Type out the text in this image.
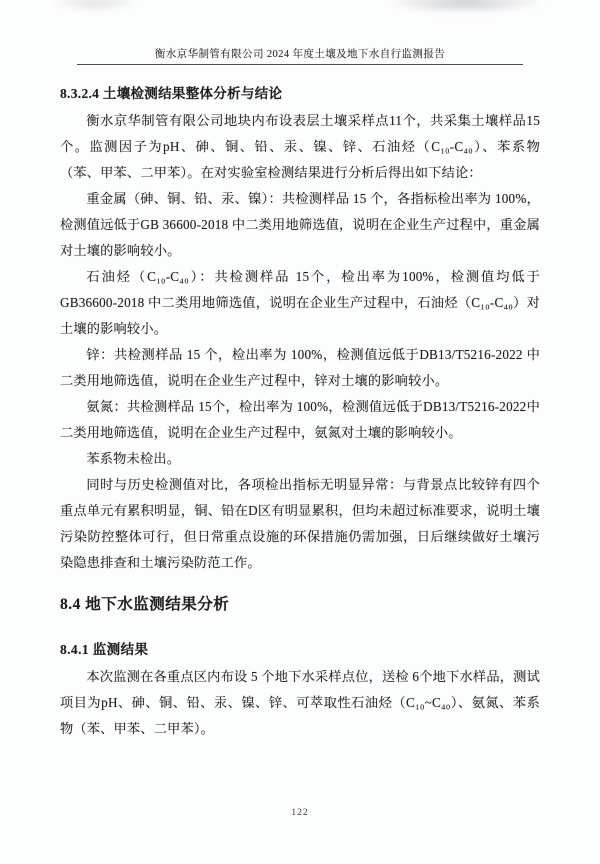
衡水京华制管有限公司 2024 年度土壤及地下水自行监测报告
8.3.2.4 土壤检测结果整体分析与结论

衡水京华制管有限公司地块内布设表层土壤采样点11个，共采集土壤样品15个。监测因子为pH、砷、铜、铅、汞、镍、锌、石油烃（C₁₀-C₄₀）、苯系物（苯、甲苯、二甲苯）。在对实验室检测结果进行分析后得出如下结论：

重金属（砷、铜、铅、汞、镍）：共检测样品 15 个，各指标检出率为 100%，检测值远低于GB 36600-2018 中二类用地筛选值，说明在企业生产过程中，重金属对土壤的影响较小。

石油烃（C₁₀-C₄₀）：共检测样品 15个，检出率为100%，检测值均低于GB36600-2018 中二类用地筛选值，说明在企业生产过程中，石油烃（C₁₀-C₄₀）对土壤的影响较小。

锌：共检测样品 15 个，检出率为 100%，检测值远低于DB13/T5216-2022 中二类用地筛选值，说明在企业生产过程中，锌对土壤的影响较小。

氨氮：共检测样品 15个，检出率为 100%，检测值远低于DB13/T5216-2022中二类用地筛选值，说明在企业生产过程中，氨氮对土壤的影响较小。

苯系物未检出。

同时与历史检测值对比，各项检出指标无明显异常：与背景点比较锌有四个重点单元有累积明显，铜、铅在D区有明显累积，但均未超过标准要求，说明土壤污染防控整体可行，但日常重点设施的环保措施仍需加强，日后继续做好土壤污染隐患排查和土壤污染防范工作。

8.4 地下水监测结果分析
8.4.1 监测结果

本次监测在各重点区内布设 5 个地下水采样点位，送检 6个地下水样品，测试项目为pH、砷、铜、铅、汞、镍、锌、可萃取性石油烃（C₁₀~C₄₀）、氨氮、苯系物（苯、甲苯、二甲苯）。

122
